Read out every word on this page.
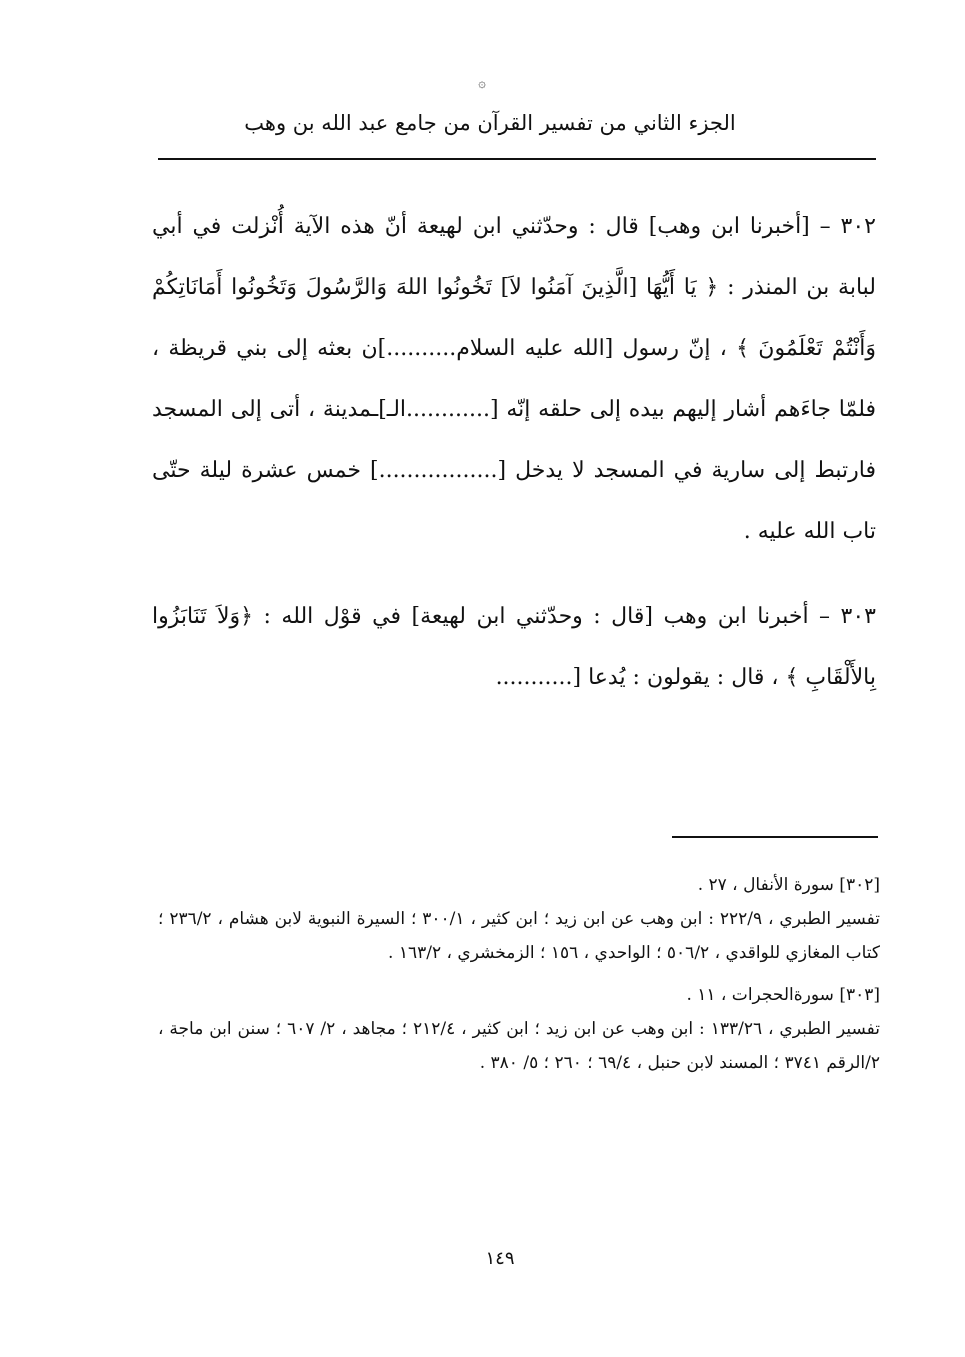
۞
الجزء الثاني من تفسير القرآن من جامع عبد الله بن وهب

٣٠٢ – [أخبرنا ابن وهب] قال : وحدّثني ابن لهيعة أنّ هذه الآية أُنْزلت في أبي لبابة بن المنذر : ﴿ يَا أَيُّهَا [الَّذِينَ آمَنُوا لاَ] تَخُونُوا اللهَ وَالرَّسُولَ وَتَخُونُوا أَمَانَاتِكُمْ وَأَنْتُمْ تَعْلَمُونَ ﴾ ، إنّ رسول [الله عليه السلام..........]ن بعثه إلى بني قريظة ، فلمّا جاءَهم أشار إليهم بيده إلى حلقه إنّه [............الـ]ـمدينة ، أتى إلى المسجد فارتبط إلى سارية في المسجد لا يدخل [.................] خمس عشرة ليلة حتّى تاب الله عليه .

٣٠٣ – أخبرنا ابن وهب [قال : وحدّثني ابن لهيعة] في قوْل الله : ﴿وَلاَ تَنَابَزُوا بِالأَلْقَابِ ﴾ ، قال : يقولون : يُدعا [...........

[٣٠٢] سورة الأنفال ، ٢٧ .

تفسير الطبري ، ٢٢٢/٩ : ابن وهب عن ابن زيد ؛ ابن كثير ، ٣٠٠/١ ؛ السيرة النبوية لابن هشام ، ٢٣٦/٢ ؛ كتاب المغازي للواقدي ، ٥٠٦/٢ ؛ الواحدي ، ١٥٦ ؛ الزمخشري ، ١٦٣/٢ .

[٣٠٣] سورةالحجرات ، ١١ .

تفسير الطبري ، ١٣٣/٢٦ : ابن وهب عن ابن زيد ؛ ابن كثير ، ٢١٢/٤ ؛ مجاهد ، ٢/ ٦٠٧ ؛ سنن ابن ماجة ، ٢/الرقم ٣٧٤١ ؛ المسند لابن حنبل ، ٦٩/٤ ؛ ٢٦٠ ؛ ٥/ ٣٨٠ .

١٤٩
